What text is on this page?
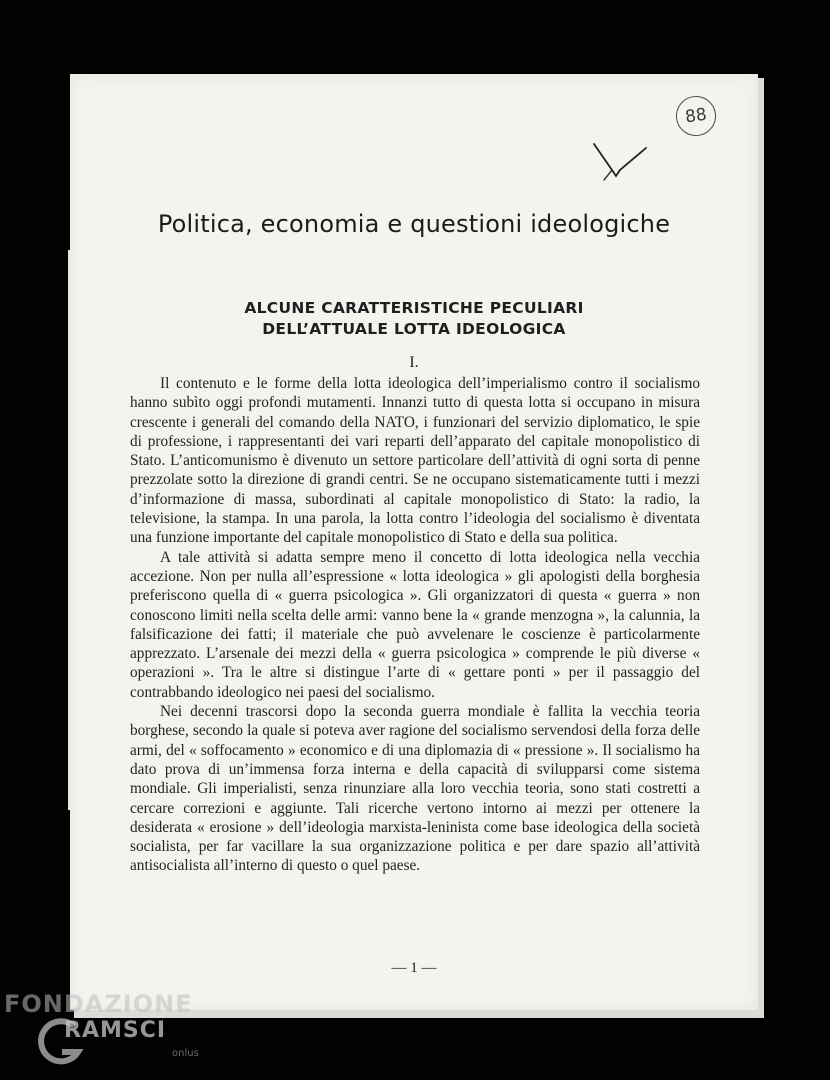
88
Politica, economia e questioni ideologiche
ALCUNE CARATTERISTICHE PECULIARI
DELL’ATTUALE LOTTA IDEOLOGICA
I.

Il contenuto e le forme della lotta ideologica dell’imperialismo contro il socialismo hanno subìto oggi profondi mutamenti. Innanzi tutto di questa lotta si occupano in misura crescente i generali del comando della NATO, i funzionari del servizio diplomatico, le spie di professione, i rappresentanti dei vari reparti dell’apparato del capitale monopolistico di Stato. L’anticomunismo è divenuto un settore particolare dell’attività di ogni sorta di penne prezzolate sotto la direzione di grandi centri. Se ne occupano sistematicamente tutti i mezzi d’informazione di massa, subordinati al capitale monopolistico di Stato: la radio, la televisione, la stampa. In una parola, la lotta contro l’ideologia del socialismo è diventata una funzione importante del capitale monopolistico di Stato e della sua politica.

A tale attività si adatta sempre meno il concetto di lotta ideologica nella vecchia accezione. Non per nulla all’espressione « lotta ideologica » gli apologisti della borghesia preferiscono quella di « guerra psicologica ». Gli organizzatori di questa « guerra » non conoscono limiti nella scelta delle armi: vanno bene la « grande menzogna », la calunnia, la falsificazione dei fatti; il materiale che può avvelenare le coscienze è particolarmente apprezzato. L’arsenale dei mezzi della « guerra psicologica » comprende le più diverse « operazioni ». Tra le altre si distingue l’arte di « gettare ponti » per il passaggio del contrabbando ideologico nei paesi del socialismo.

Nei decenni trascorsi dopo la seconda guerra mondiale è fallita la vecchia teoria borghese, secondo la quale si poteva aver ragione del socialismo servendosi della forza delle armi, del « soffocamento » economico e di una diplomazia di « pressione ». Il socialismo ha dato prova di un’immensa forza interna e della capacità di svilupparsi come sistema mondiale. Gli imperialisti, senza rinunziare alla loro vecchia teoria, sono stati costretti a cercare correzioni e aggiunte. Tali ricerche vertono intorno ai mezzi per ottenere la desiderata « erosione » dell’ideologia marxista-leninista come base ideologica della società socialista, per far vacillare la sua organizzazione politica e per dare spazio all’attività antisocialista all’interno di questo o quel paese.

— 1 —
FONDAZIONE
RAMSCI
onlus
